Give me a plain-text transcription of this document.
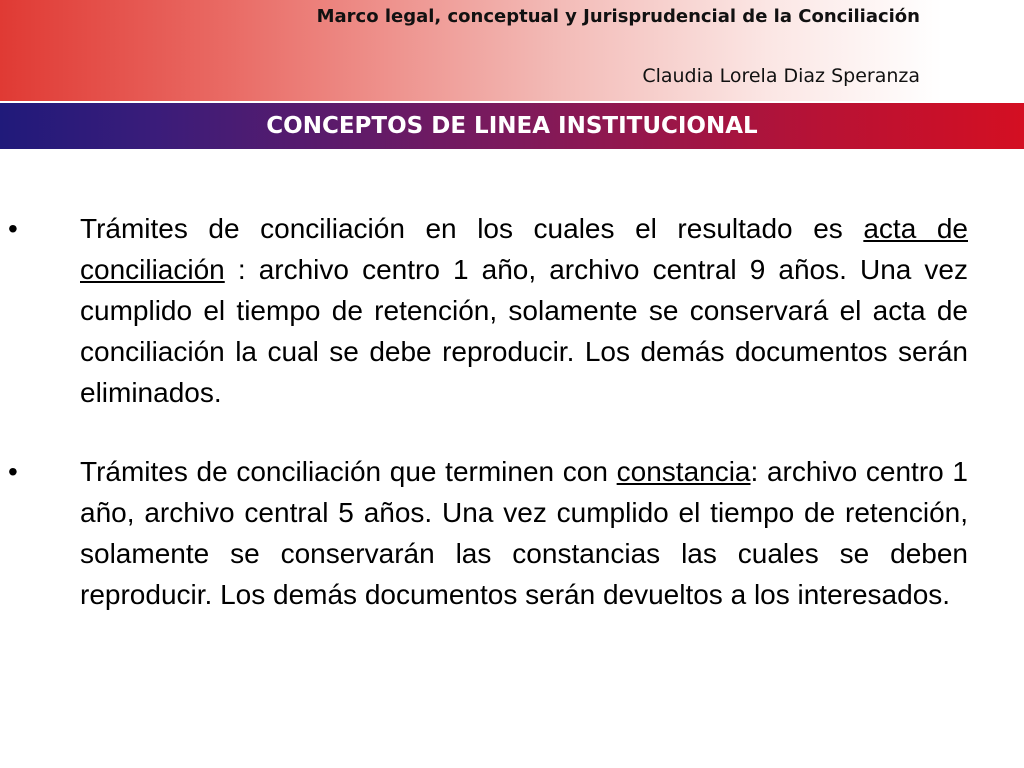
Marco legal, conceptual y Jurisprudencial de la Conciliación
Claudia Lorela Diaz Speranza
CONCEPTOS DE LINEA INSTITUCIONAL
•	Trámites de conciliación en los cuales el resultado es acta de conciliación : archivo centro 1 año, archivo central 9 años. Una vez cumplido el tiempo de retención, solamente se conservará el acta de conciliación la cual se debe reproducir. Los demás documentos serán eliminados.
•	Trámites de conciliación que terminen con constancia: archivo centro 1 año, archivo central 5 años. Una vez cumplido el tiempo de retención, solamente se conservarán las constancias las cuales se deben reproducir. Los demás documentos serán devueltos a los interesados.
